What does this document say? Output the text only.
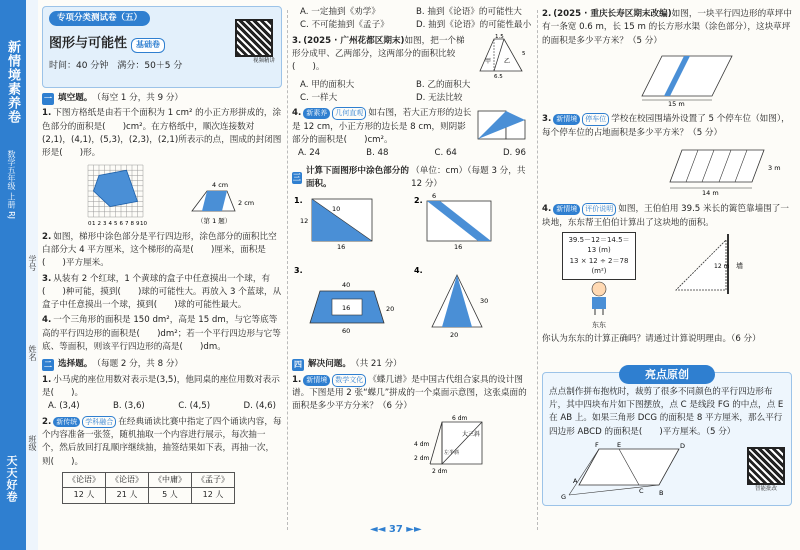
新情境素养卷
数学五年级 上册 RJ
天天好卷
学号
姓名
班级
专项分类测试卷（五）
图形与可能性 基础卷
时间：40 分钟　 满分：50＋5 分
视频精讲
一 填空题。 （每空 1 分，共 9 分）
1. 下图方格纸是由若干个面积为 1 cm² 的小正方形拼成的，涂色部分的面积是(　　)cm²。在方格纸中，顺次连接数对(2,1)，(4,1)，(5,3)，(2,3)，(2,1)所表示的点，围成的封闭图形是(　　)形。
0 1 2 3 4 5 6 7 8 9 10
4 cm
2 cm
（第 1 题）
2. 如图，梯形中涂色部分是平行四边形，涂色部分的面积比空白部分大 4 平方厘米，这个梯形的高是(　　)厘米，面积是(　　)平方厘米。
3. 从装有 2 个红球，1 个黄球的盒子中任意摸出一个球，有(　　)种可能，摸到(　　)球的可能性大。再放入 3 个蓝球，从盒子中任意摸出一个球，摸到(　　)球的可能性最大。
4. 一个三角形的面积是 150 dm²，高是 15 dm，与它等底等高的平行四边形的面积是(　　)dm²；若一个平行四边形与它等底、等面积，则该平行四边形的高是(　　)dm。
二 选择题。 （每题 2 分，共 8 分）
1. 小马虎的座位用数对表示是(3,5)，他同桌的座位用数对表示是(　　)。
A. (3,4)	B. (3,6)	C. (4,5)	D. (4,6)
2. 新传统 学科融合 在经典诵读比赛中指定了四个诵读内容，每个内容准备一张签，随机抽取一个内容进行展示，每次抽一个，然后放回打乱顺序继续抽，抽签结果如下表，再抽一次，则(　　)。
《论语》	《论语》	《中庸》	《孟子》
12 人	21 人	5 人	12 人
A. 一定抽到《劝学》	B. 抽到《论语》的可能性大
C. 不可能抽到《孟子》	D. 抽到《论语》的可能性最小
3. (2025 · 广州花都区期末)如图，把一个梯形分成甲、乙两部分，这两部分的面积比较(　　)。
1.5
甲 乙
6.5
5
A. 甲的面积大	B. 乙的面积大
C. 一样大	D. 无法比较
4. 新素养 几何直观 如右图，若大正方形的边长是 12 cm，小正方形的边长是 8 cm，则阴影部分的面积是(　　)cm²。
A. 24	B. 48	C. 64	D. 96
三
计算下面图形中涂色部分的面积。
（单位：cm）（每题 3 分，共 12 分）
1.
12
10
16
2.
16
6
3.
40
16	20
60
4.
20
30
四 解决问题。 （共 21 分）
1. 新情境 数学文化 《蝶几谱》是中国古代组合家具的设计图谱。下图是用 2 张“蝶几”拼成的一个桌面示意图，这张桌面的面积是多少平方分米？（6 分）
6 dm
4 dm
2 dm
2 dm
大三斜
左半斜
2. (2025 · 重庆长寿区期末改编)如图，一块平行四边形的草坪中有一条宽 0.6 m，长 15 m 的长方形水渠（涂色部分），这块草坪的面积是多少平方米？（5 分）
15 m
3. 新情境 停车位 学校在校园围墙外设置了 5 个停车位（如图），每个停车位的占地面积是多少平方米？（5 分）
14 m
3 m
4. 新情境 评价说明 如图，王伯伯用 39.5 米长的篱笆靠墙围了一块地，东东帮王伯伯计算出了这块地的面积。
39.5－12＝14.5＝13 (m)
13 × 12 ÷ 2＝78 (m²)

东东
12 m 墙
你认为东东的计算正确吗？请通过计算说明理由。（6 分）
亮点原创
点点制作拼布抱枕时，裁剪了很多不同颜色的平行四边形布片，其中四块布片如下图摆放，点 C 是线段 FG 的中点，点 E 在 AB 上。如果三角形 DCG 的面积是 8 平方厘米，那么平行四边形 ABCD 的面积是(　　)平方厘米。（5 分）
A
B
C
D
E
F
G
智能批改
◄◄ 37 ►►
